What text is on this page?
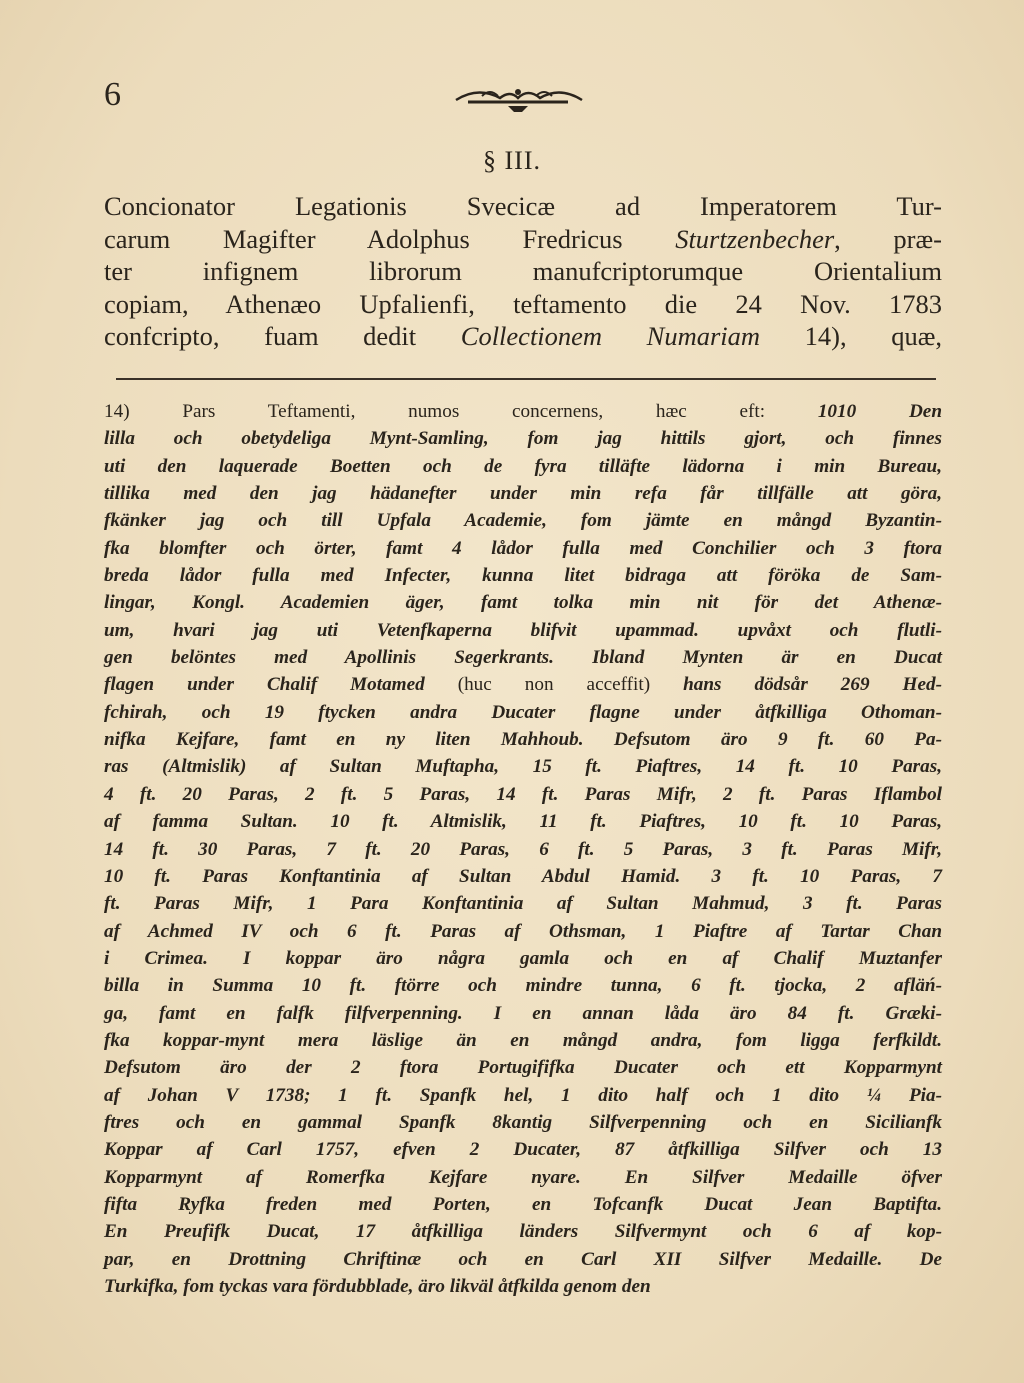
6
§ III.
Concionator Legationis Svecicæ ad Imperatorem Tur-
carum Magifter Adolphus Fredricus Sturtzenbecher, præ-
ter infignem librorum manufcriptorumque Orientalium
copiam, Athenæo Upfalienfi, teftamento die 24 Nov. 1783
confcripto, fuam dedit Collectionem Numariam 14), quæ,
14) Pars Teftamenti, numos concernens, hæc eft: 1010 Den
lilla och obetydeliga Mynt-Samling, fom jag hittils gjort, och finnes
uti den laquerade Boetten och de fyra tilläfte lädorna i min Bureau,
tillika med den jag hädanefter under min refa får tillfälle att göra,
fkänker jag och till Upfala Academie, fom jämte en mångd Byzantin-
fka blomfter och örter, famt 4 lådor fulla med Conchilier och 3 ftora
breda lådor fulla med Infecter, kunna litet bidraga att föröka de Sam-
lingar, Kongl. Academien äger, famt tolka min nit för det Athenæ-
um, hvari jag uti Vetenfkaperna blifvit upammad. upvåxt och flutli-
gen belöntes med Apollinis Segerkrants. Ibland Mynten är en Ducat
flagen under Chalif Motamed (huc non acceffit) hans dödsår 269 Hed-
fchirah, och 19 ftycken andra Ducater flagne under åtfkilliga Othoman-
nifka Kejfare, famt en ny liten Mahhoub. Defsutom äro 9 ft. 60 Pa-
ras (Altmislik) af Sultan Muftapha, 15 ft. Piaftres, 14 ft. 10 Paras,
4 ft. 20 Paras, 2 ft. 5 Paras, 14 ft. Paras Mifr, 2 ft. Paras Iflambol
af famma Sultan. 10 ft. Altmislik, 11 ft. Piaftres, 10 ft. 10 Paras,
14 ft. 30 Paras, 7 ft. 20 Paras, 6 ft. 5 Paras, 3 ft. Paras Mifr,
10 ft. Paras Konftantinia af Sultan Abdul Hamid. 3 ft. 10 Paras, 7
ft. Paras Mifr, 1 Para Konftantinia af Sultan Mahmud, 3 ft. Paras
af Achmed IV och 6 ft. Paras af Othsman, 1 Piaftre af Tartar Chan
i Crimea. I koppar äro några gamla och en af Chalif Muztanfer
billa in Summa 10 ft. ftörre och mindre tunna, 6 ft. tjocka, 2 afläń-
ga, famt en falfk filfverpenning. I en annan låda äro 84 ft. Græki-
fka koppar-mynt mera läslige än en mångd andra, fom ligga ferfkildt.
Defsutom äro der 2 ftora Portugififka Ducater och ett Kopparmynt
af Johan V 1738; 1 ft. Spanfk hel, 1 dito half och 1 dito ¼ Pia-
ftres och en gammal Spanfk 8kantig Silfverpenning och en Sicilianfk
Koppar af Carl 1757, efven 2 Ducater, 87 åtfkilliga Silfver och 13
Kopparmynt af Romerfka Kejfare nyare. En Silfver Medaille öfver
fifta Ryfka freden med Porten, en Tofcanfk Ducat Jean Baptifta.
En Preufifk Ducat, 17 åtfkilliga länders Silfvermynt och 6 af kop-
par, en Drottning Chriftinæ och en Carl XII Silfver Medaille. De
Turkifka, fom tyckas vara fördubblade, äro likväl åtfkilda genom den
